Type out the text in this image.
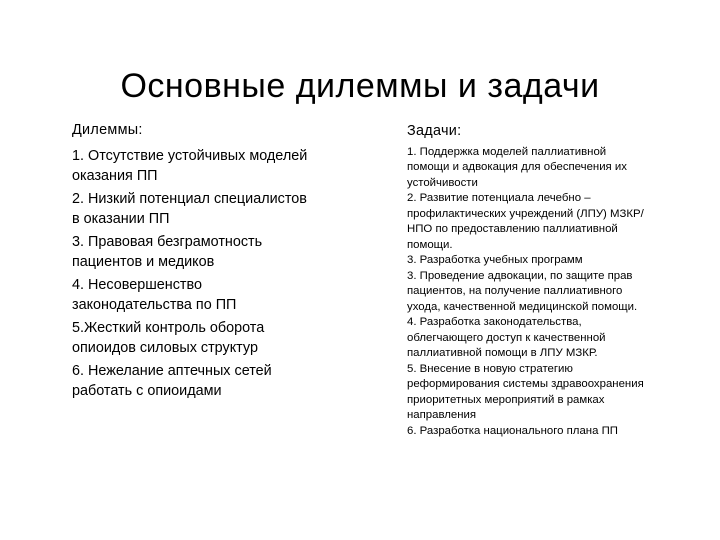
Основные дилеммы и задачи
Дилеммы:
1. Отсутствие устойчивых моделей оказания ПП
2. Низкий потенциал специалистов в оказании ПП
3. Правовая безграмотность пациентов и медиков
4. Несовершенство законодательства по ПП
5.Жесткий контроль оборота опиоидов силовых структур
6. Нежелание аптечных сетей работать с опиоидами
Задачи:
1. Поддержка моделей паллиативной помощи и адвокация для обеспечения их устойчивости
2. Развитие потенциала лечебно – профилактических учреждений (ЛПУ) МЗКР/НПО по предоставлению паллиативной помощи.
3. Разработка учебных программ
3. Проведение адвокации, по защите прав пациентов, на получение паллиативного ухода, качественной медицинской помощи.
4. Разработка законодательства, облегчающего доступ к качественной паллиативной помощи в ЛПУ МЗКР.
5. Внесение в новую стратегию реформирования системы здравоохранения приоритетных мероприятий в рамках направления
6. Разработка национального плана ПП
